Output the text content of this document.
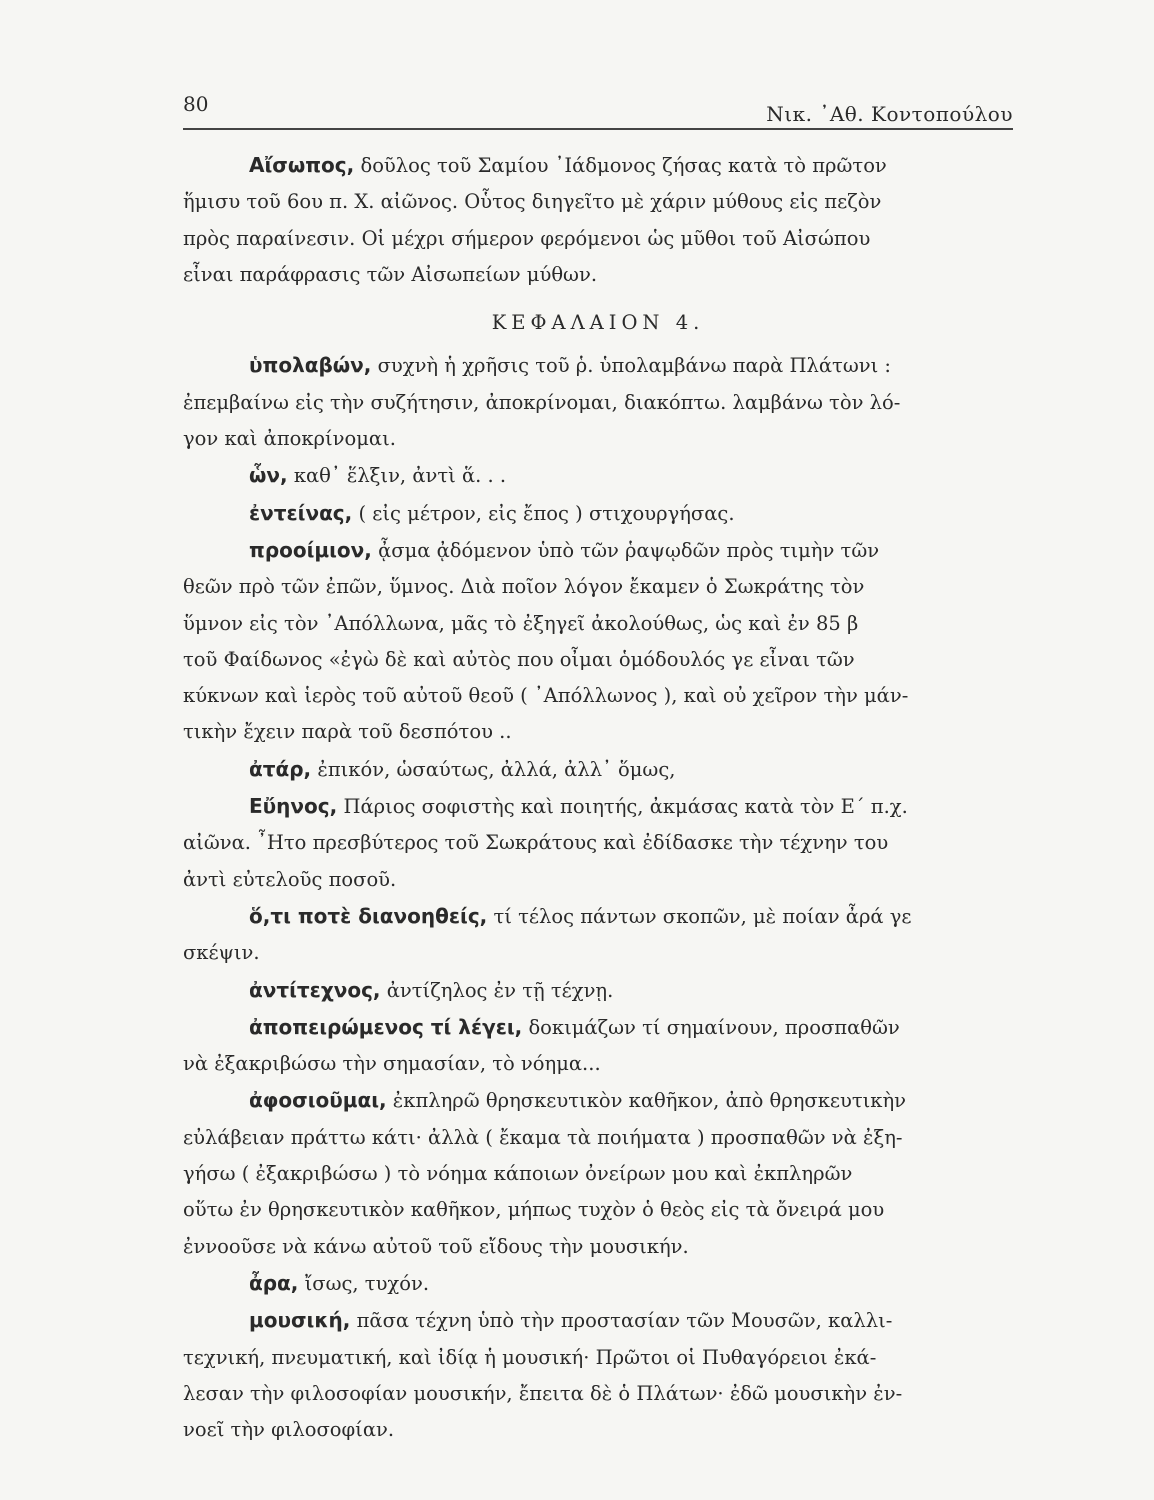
80	Νικ. ᾿Αθ. Κοντοπούλου
Αἴσωπος, δοῦλος τοῦ Σαμίου ᾿Ιάδμονος ζήσας κατὰ τὸ πρῶτον
ἥμισυ τοῦ 6ου π. Χ. αἰῶνος. Οὗτος διηγεῖτο μὲ χάριν μύθους εἰς πεζὸν
πρὸς παραίνεσιν. Οἱ μέχρι σήμερον φερόμενοι ὡς μῦθοι τοῦ Αἰσώπου
εἶναι παράφρασις τῶν Αἰσωπείων μύθων.
ΚΕΦΑΛΑΙΟΝ 4.
ὑπολαβών, συχνὴ ἡ χρῆσις τοῦ ῥ. ὑπολαμβάνω παρὰ Πλάτωνι :
ἐπεμβαίνω εἰς τὴν συζήτησιν, ἀποκρίνομαι, διακόπτω. λαμβάνω τὸν λό-
γον καὶ ἀποκρίνομαι.
ὧν, καθ᾿ ἕλξιν, ἀντὶ ἅ. . .
ἐντείνας, ( εἰς μέτρον, εἰς ἔπος ) στιχουργήσας.
προοίμιον, ᾆσμα ᾀδόμενον ὑπὸ τῶν ῥαψῳδῶν πρὸς τιμὴν τῶν
θεῶν πρὸ τῶν ἐπῶν, ὕμνος. Διὰ ποῖον λόγον ἔκαμεν ὁ Σωκράτης τὸν
ὕμνον εἰς τὸν ᾿Απόλλωνα, μᾶς τὸ ἐξηγεῖ ἀκολούθως, ὡς καὶ ἐν 85 β
τοῦ Φαίδωνος «ἐγὼ δὲ καὶ αὐτὸς που οἶμαι ὁμόδουλός γε εἶναι τῶν
κύκνων καὶ ἱερὸς τοῦ αὐτοῦ θεοῦ ( ᾿Απόλλωνος ), καὶ οὐ χεῖρον τὴν μάν-
τικὴν ἔχειν παρὰ τοῦ δεσπότου ..
ἀτάρ, ἐπικόν, ὡσαύτως, ἀλλά, ἀλλ᾿ ὅμως,
Εὔηνος, Πάριος σοφιστὴς καὶ ποιητής, ἀκμάσας κατὰ τὸν Ε΄ π.χ.
αἰῶνα. ῏Ητο πρεσβύτερος τοῦ Σωκράτους καὶ ἐδίδασκε τὴν τέχνην του
ἀντὶ εὐτελοῦς ποσοῦ.
ὅ,τι ποτὲ διανοηθείς, τί τέλος πάντων σκοπῶν, μὲ ποίαν ἆρά γε
σκέψιν.
ἀντίτεχνος, ἀντίζηλος ἐν τῇ τέχνῃ.
ἀποπειρώμενος τί λέγει, δοκιμάζων τί σημαίνουν, προσπαθῶν
νὰ ἐξακριβώσω τὴν σημασίαν, τὸ νόημα...
ἀφοσιοῦμαι, ἐκπληρῶ θρησκευτικὸν καθῆκον, ἀπὸ θρησκευτικὴν
εὐλάβειαν πράττω κάτι· ἀλλὰ ( ἔκαμα τὰ ποιήματα ) προσπαθῶν νὰ ἐξη-
γήσω ( ἐξακριβώσω ) τὸ νόημα κάποιων ὀνείρων μου καὶ ἐκπληρῶν
οὕτω ἐν θρησκευτικὸν καθῆκον, μήπως τυχὸν ὁ θεὸς εἰς τὰ ὄνειρά μου
ἐννοοῦσε νὰ κάνω αὐτοῦ τοῦ εἴδους τὴν μουσικήν.
ἆρα, ἴσως, τυχόν.
μουσική, πᾶσα τέχνη ὑπὸ τὴν προστασίαν τῶν Μουσῶν, καλλι-
τεχνική, πνευματική, καὶ ἰδίᾳ ἡ μουσική· Πρῶτοι οἱ Πυθαγόρειοι ἐκά-
λεσαν τὴν φιλοσοφίαν μουσικήν, ἔπειτα δὲ ὁ Πλάτων· ἐδῶ μουσικὴν ἐν-
νοεῖ τὴν φιλοσοφίαν.
